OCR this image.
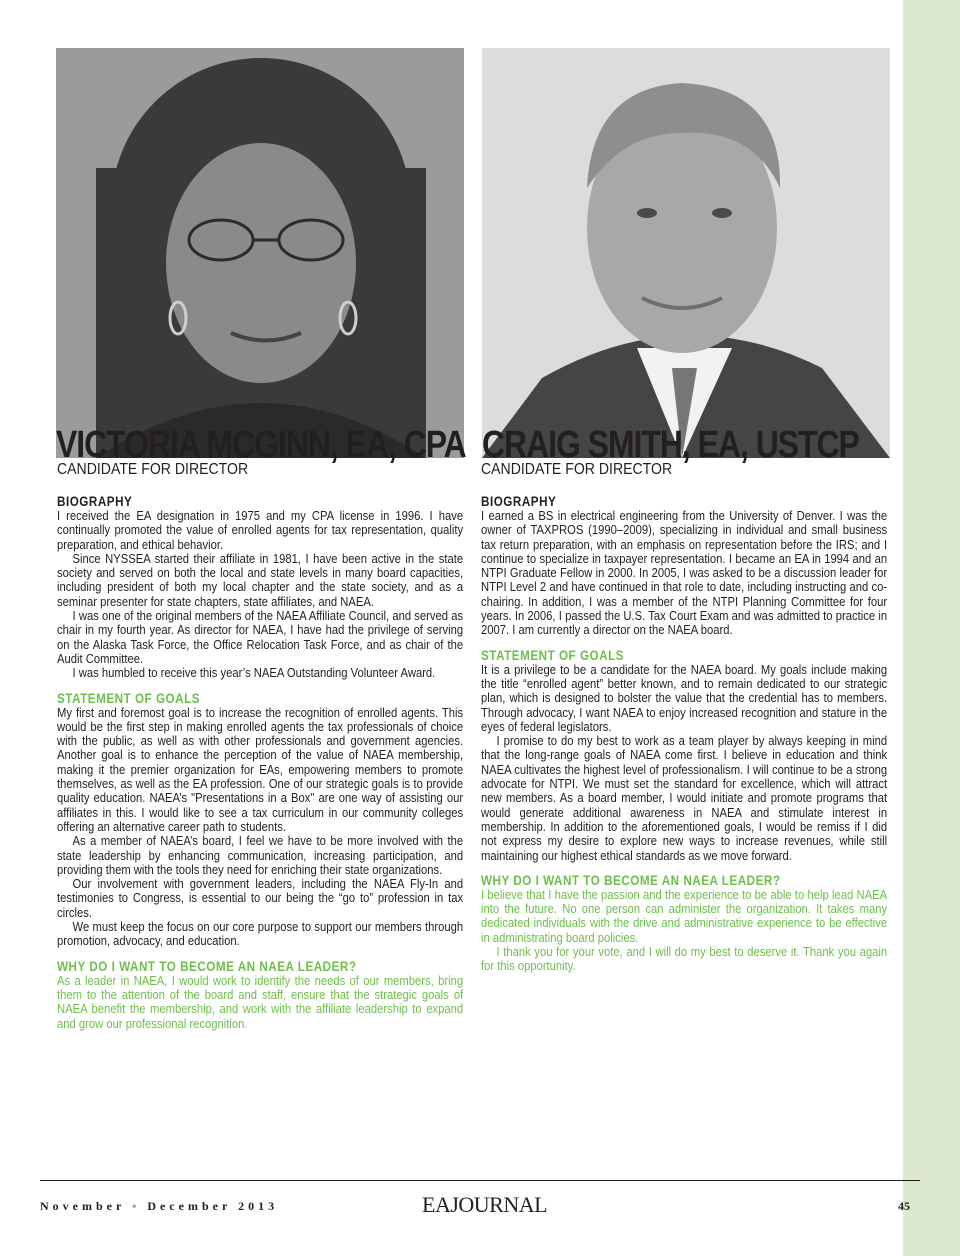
VICTORIA MCGINN, EA, CPA CRAIG SMITH, EA, USTCP
CANDIDATE FOR DIRECTOR	CANDIDATE FOR DIRECTOR
BIOGRAPHY

I received the EA designation in 1975 and my CPA license in 1996. I have continually promoted the value of enrolled agents for tax representation, quality preparation, and ethical behavior.

Since NYSSEA started their affiliate in 1981, I have been active in the state society and served on both the local and state levels in many board capacities, including president of both my local chapter and the state society, and as a seminar presenter for state chapters, state affiliates, and NAEA.

I was one of the original members of the NAEA Affiliate Council, and served as chair in my fourth year. As director for NAEA, I have had the privilege of serving on the Alaska Task Force, the Office Relocation Task Force, and as chair of the Audit Committee.

I was humbled to receive this year’s NAEA Outstanding Volunteer Award.

STATEMENT OF GOALS

My first and foremost goal is to increase the recognition of enrolled agents. This would be the first step in making enrolled agents the tax professionals of choice with the public, as well as with other professionals and government agencies. Another goal is to enhance the perception of the value of NAEA membership, making it the premier organization for EAs, empowering members to promote themselves, as well as the EA profession. One of our strategic goals is to provide quality education. NAEA’s "Presentations in a Box" are one way of assisting our affiliates in this. I would like to see a tax curriculum in our community colleges offering an alternative career path to students.

As a member of NAEA’s board, I feel we have to be more involved with the state leadership by enhancing communication, increasing participation, and providing them with the tools they need for enriching their state organizations.

Our involvement with government leaders, including the NAEA Fly-In and testimonies to Congress, is essential to our being the “go to” profession in tax circles.

We must keep the focus on our core purpose to support our members through promotion, advocacy, and education.

WHY DO I WANT TO BECOME AN NAEA LEADER?

As a leader in NAEA, I would work to identify the needs of our members, bring them to the attention of the board and staff, ensure that the strategic goals of NAEA benefit the membership, and work with the affiliate leadership to expand and grow our professional recognition.

BIOGRAPHY

I earned a BS in electrical engineering from the University of Denver. I was the owner of TAXPROS (1990–2009), specializing in individual and small business tax return preparation, with an emphasis on representation before the IRS; and I continue to specialize in taxpayer representation. I became an EA in 1994 and an NTPI Graduate Fellow in 2000. In 2005, I was asked to be a discussion leader for NTPI Level 2 and have continued in that role to date, including instructing and co-chairing. In addition, I was a member of the NTPI Planning Committee for four years. In 2006, I passed the U.S. Tax Court Exam and was admitted to practice in 2007. I am currently a director on the NAEA board.

STATEMENT OF GOALS

It is a privilege to be a candidate for the NAEA board. My goals include making the title “enrolled agent” better known, and to remain dedicated to our strategic plan, which is designed to bolster the value that the credential has to members. Through advocacy, I want NAEA to enjoy increased recognition and stature in the eyes of federal legislators.

I promise to do my best to work as a team player by always keeping in mind that the long-range goals of NAEA come first. I believe in education and think NAEA cultivates the highest level of professionalism. I will continue to be a strong advocate for NTPI. We must set the standard for excellence, which will attract new members. As a board member, I would initiate and promote programs that would generate additional awareness in NAEA and stimulate interest in membership. In addition to the aforementioned goals, I would be remiss if I did not express my desire to explore new ways to increase revenues, while still maintaining our highest ethical standards as we move forward.

WHY DO I WANT TO BECOME AN NAEA LEADER?

I believe that I have the passion and the experience to be able to help lead NAEA into the future. No one person can administer the organization. It takes many dedicated individuals with the drive and administrative experience to be effective in administrating board policies.

I thank you for your vote, and I will do my best to deserve it. Thank you again for this opportunity.

November • December 2013	EAJOURNAL	45
